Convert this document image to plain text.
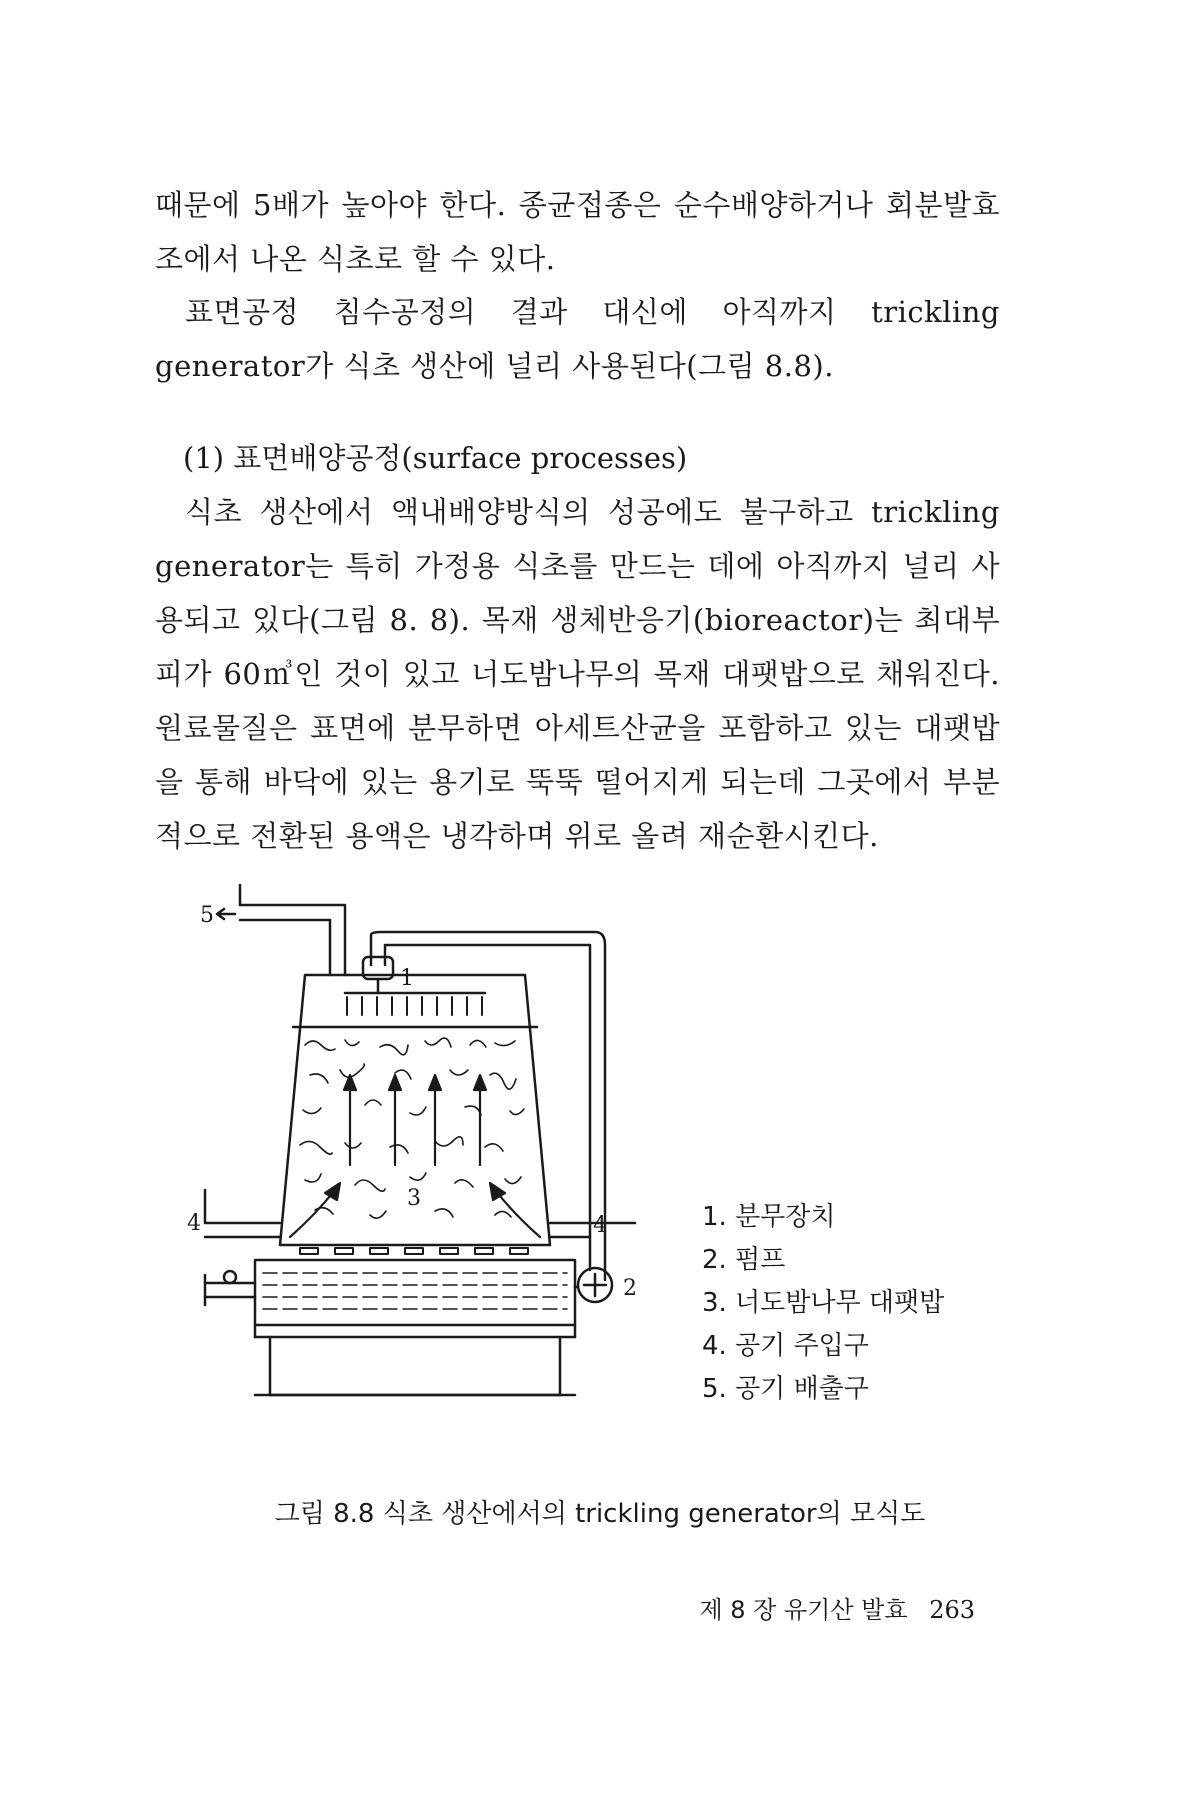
때문에 5배가 높아야 한다. 종균접종은 순수배양하거나 회분발효조에서 나온 식초로 할 수 있다.

표면공정 침수공정의 결과 대신에 아직까지 trickling generator가 식초 생산에 널리 사용된다(그림 8.8).

(1) 표면배양공정(surface processes)

식초 생산에서 액내배양방식의 성공에도 불구하고 trickling generator는 특히 가정용 식초를 만드는 데에 아직까지 널리 사용되고 있다(그림 8. 8). 목재 생체반응기(bioreactor)는 최대부피가 60㎥인 것이 있고 너도밤나무의 목재 대팻밥으로 채워진다. 원료물질은 표면에 분무하면 아세트산균을 포함하고 있는 대팻밥을 통해 바닥에 있는 용기로 뚝뚝 떨어지게 되는데 그곳에서 부분적으로 전환된 용액은 냉각하며 위로 올려 재순환시킨다.

5
1
3
4	4
2
1. 분무장치
2. 펌프
3. 너도밤나무 대팻밥
4. 공기 주입구
5. 공기 배출구

그림 8.8 식초 생산에서의 trickling generator의 모식도

제 8 장 유기산 발효 263
